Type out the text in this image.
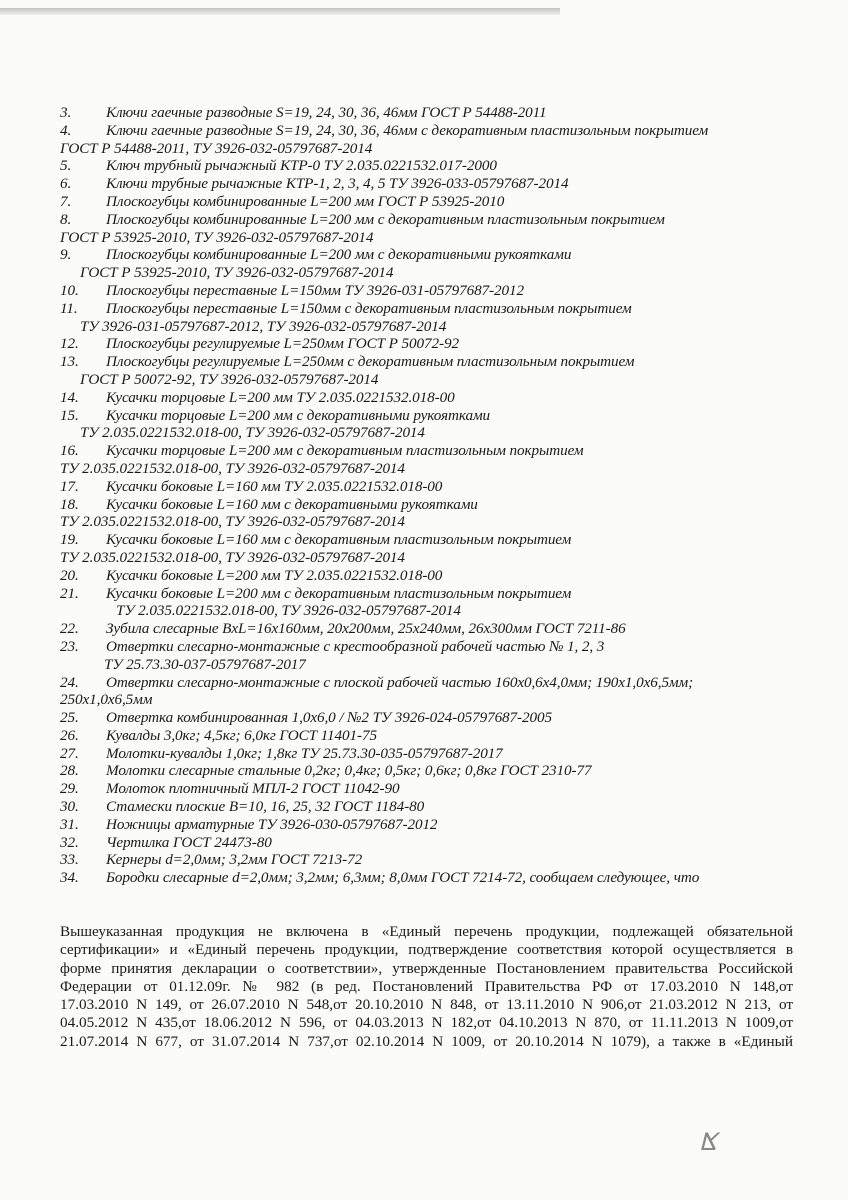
3. Ключи гаечные разводные S=19, 24, 30, 36, 46мм ГОСТ Р 54488-2011
4. Ключи гаечные разводные S=19, 24, 30, 36, 46мм с декоративным пластизольным покрытием
ГОСТ Р 54488-2011, ТУ 3926-032-05797687-2014
5. Ключ трубный рычажный КТР-0 ТУ 2.035.0221532.017-2000
6. Ключи трубные рычажные КТР-1, 2, 3, 4, 5 ТУ 3926-033-05797687-2014
7. Плоскогубцы комбинированные L=200 мм ГОСТ Р 53925-2010
8. Плоскогубцы комбинированные L=200 мм с декоративным пластизольным покрытием
ГОСТ Р 53925-2010, ТУ 3926-032-05797687-2014
9. Плоскогубцы комбинированные L=200 мм с декоративными рукоятками
ГОСТ Р 53925-2010, ТУ 3926-032-05797687-2014
10. Плоскогубцы переставные L=150мм ТУ 3926-031-05797687-2012
11. Плоскогубцы переставные L=150мм с декоративным пластизольным покрытием
ТУ 3926-031-05797687-2012, ТУ 3926-032-05797687-2014
12. Плоскогубцы регулируемые L=250мм ГОСТ Р 50072-92
13. Плоскогубцы регулируемые L=250мм с декоративным пластизольным покрытием
ГОСТ Р 50072-92, ТУ 3926-032-05797687-2014
14. Кусачки торцовые L=200 мм ТУ 2.035.0221532.018-00
15. Кусачки торцовые L=200 мм с декоративными рукоятками
ТУ 2.035.0221532.018-00, ТУ 3926-032-05797687-2014
16. Кусачки торцовые L=200 мм с декоративным пластизольным покрытием
ТУ 2.035.0221532.018-00, ТУ 3926-032-05797687-2014
17. Кусачки боковые L=160 мм ТУ 2.035.0221532.018-00
18. Кусачки боковые L=160 мм с декоративными рукоятками
ТУ 2.035.0221532.018-00, ТУ 3926-032-05797687-2014
19. Кусачки боковые L=160 мм с декоративным пластизольным покрытием
ТУ 2.035.0221532.018-00, ТУ 3926-032-05797687-2014
20. Кусачки боковые L=200 мм ТУ 2.035.0221532.018-00
21. Кусачки боковые L=200 мм с декоративным пластизольным покрытием
ТУ 2.035.0221532.018-00, ТУ 3926-032-05797687-2014
22. Зубила слесарные BxL=16x160мм, 20x200мм, 25x240мм, 26x300мм ГОСТ 7211-86
23. Отвертки слесарно-монтажные с крестообразной рабочей частью № 1, 2, 3
ТУ 25.73.30-037-05797687-2017
24. Отвертки слесарно-монтажные с плоской рабочей частью 160x0,6x4,0мм; 190x1,0x6,5мм;
250x1,0x6,5мм
25. Отвертка комбинированная 1,0x6,0 / №2 ТУ 3926-024-05797687-2005
26. Кувалды 3,0кг; 4,5кг; 6,0кг ГОСТ 11401-75
27. Молотки-кувалды 1,0кг; 1,8кг ТУ 25.73.30-035-05797687-2017
28. Молотки слесарные стальные 0,2кг; 0,4кг; 0,5кг; 0,6кг; 0,8кг ГОСТ 2310-77
29. Молоток плотничный МПЛ-2 ГОСТ 11042-90
30. Стамески плоские B=10, 16, 25, 32 ГОСТ 1184-80
31. Ножницы арматурные ТУ 3926-030-05797687-2012
32. Чертилка ГОСТ 24473-80
33. Кернеры d=2,0мм; 3,2мм ГОСТ 7213-72
34. Бородки слесарные d=2,0мм; 3,2мм; 6,3мм; 8,0мм ГОСТ 7214-72, сообщаем следующее, что
Вышеуказанная продукция не включена в «Единый перечень продукции, подлежащей обязательной
сертификации» и «Единый перечень продукции, подтверждение соответствия которой осуществляется в
форме принятия декларации о соответствии», утвержденные Постановлением правительства Российской
Федерации от 01.12.09г. № 982 (в ред. Постановлений Правительства РФ от 17.03.2010 N 148,от
17.03.2010 N 149, от 26.07.2010 N 548,от 20.10.2010 N 848, от 13.11.2010 N 906,от 21.03.2012 N 213, от
04.05.2012 N 435,от 18.06.2012 N 596, от 04.03.2013 N 182,от 04.10.2013 N 870, от 11.11.2013 N 1009,от
21.07.2014 N 677, от 31.07.2014 N 737,от 02.10.2014 N 1009, от 20.10.2014 N 1079), а также в «Единый
ⴿ
